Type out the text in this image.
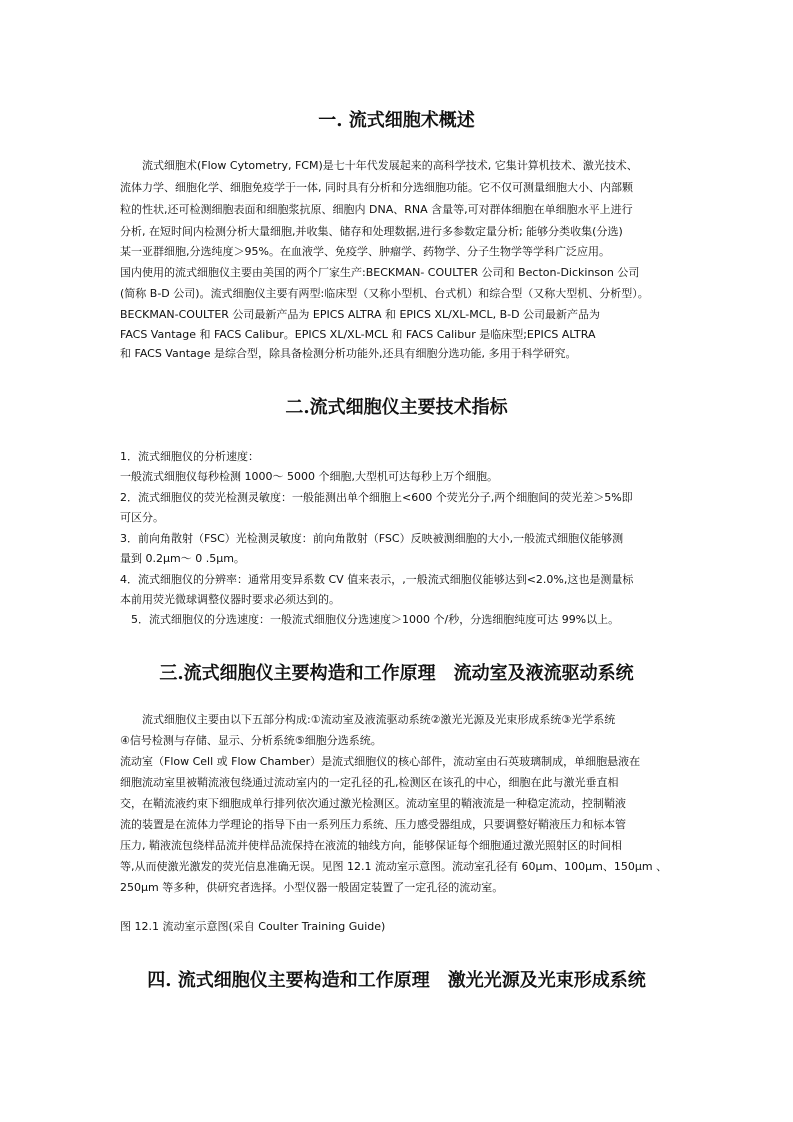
一. 流式细胞术概述
　　流式细胞术(Flow Cytometry, FCM)是七十年代发展起来的高科学技术, 它集计算机技术、激光技术、
流体力学、细胞化学、细胞免疫学于一体, 同时具有分析和分选细胞功能。它不仅可测量细胞大小、内部颗
粒的性状,还可检测细胞表面和细胞浆抗原、细胞内 DNA、RNA 含量等,可对群体细胞在单细胞水平上进行
分析, 在短时间内检测分析大量细胞,并收集、储存和处理数据,进行多参数定量分析; 能够分类收集(分选)
某一亚群细胞,分选纯度＞95%。在血液学、免疫学、肿瘤学、药物学、分子生物学等学科广泛应用。
国内使用的流式细胞仪主要由美国的两个厂家生产:BECKMAN- COULTER 公司和 Becton-Dickinson 公司
(简称 B-D 公司)。流式细胞仪主要有两型:临床型（又称小型机、台式机）和综合型（又称大型机、分析型）。
BECKMAN-COULTER 公司最新产品为 EPICS ALTRA 和 EPICS XL/XL-MCL, B-D 公司最新产品为
FACS Vantage 和 FACS Calibur。EPICS XL/XL-MCL 和 FACS Calibur 是临床型;EPICS ALTRA
和 FACS Vantage 是综合型，除具备检测分析功能外,还具有细胞分选功能, 多用于科学研究。
二.流式细胞仪主要技术指标
1．流式细胞仪的分析速度：
一般流式细胞仪每秒检测 1000～ 5000 个细胞,大型机可达每秒上万个细胞。
2．流式细胞仪的荧光检测灵敏度：一般能测出单个细胞上<600 个荧光分子,两个细胞间的荧光差＞5%即
可区分。
3．前向角散射（FSC）光检测灵敏度：前向角散射（FSC）反映被测细胞的大小,一般流式细胞仪能够测
量到 0.2μm～ 0 .5μm。
4．流式细胞仪的分辨率：通常用变异系数 CV 值来表示，,一般流式细胞仪能够达到<2.0%,这也是测量标
本前用荧光微球调整仪器时要求必须达到的。
　5．流式细胞仪的分选速度：一般流式细胞仪分选速度＞1000 个/秒，分选细胞纯度可达 99%以上。
三.流式细胞仪主要构造和工作原理　流动室及液流驱动系统
　　流式细胞仪主要由以下五部分构成:①流动室及液流驱动系统②激光光源及光束形成系统③光学系统
④信号检测与存储、显示、分析系统⑤细胞分选系统。
流动室（Flow Cell 或 Flow Chamber）是流式细胞仪的核心部件，流动室由石英玻璃制成，单细胞悬液在
细胞流动室里被鞘流液包绕通过流动室内的一定孔径的孔,检测区在该孔的中心，细胞在此与激光垂直相
交，在鞘流液约束下细胞成单行排列依次通过激光检测区。流动室里的鞘液流是一种稳定流动，控制鞘液
流的装置是在流体力学理论的指导下由一系列压力系统、压力感受器组成，只要调整好鞘液压力和标本管
压力, 鞘液流包绕样品流并使样品流保持在液流的轴线方向，能够保证每个细胞通过激光照射区的时间相
等,从而使激光激发的荧光信息准确无误。见图 12.1 流动室示意图。流动室孔径有 60μm、100μm、150μm 、
250μm 等多种，供研究者选择。小型仪器一般固定装置了一定孔径的流动室。
图 12.1 流动室示意图(采自 Coulter Training Guide)
四. 流式细胞仪主要构造和工作原理　激光光源及光束形成系统
